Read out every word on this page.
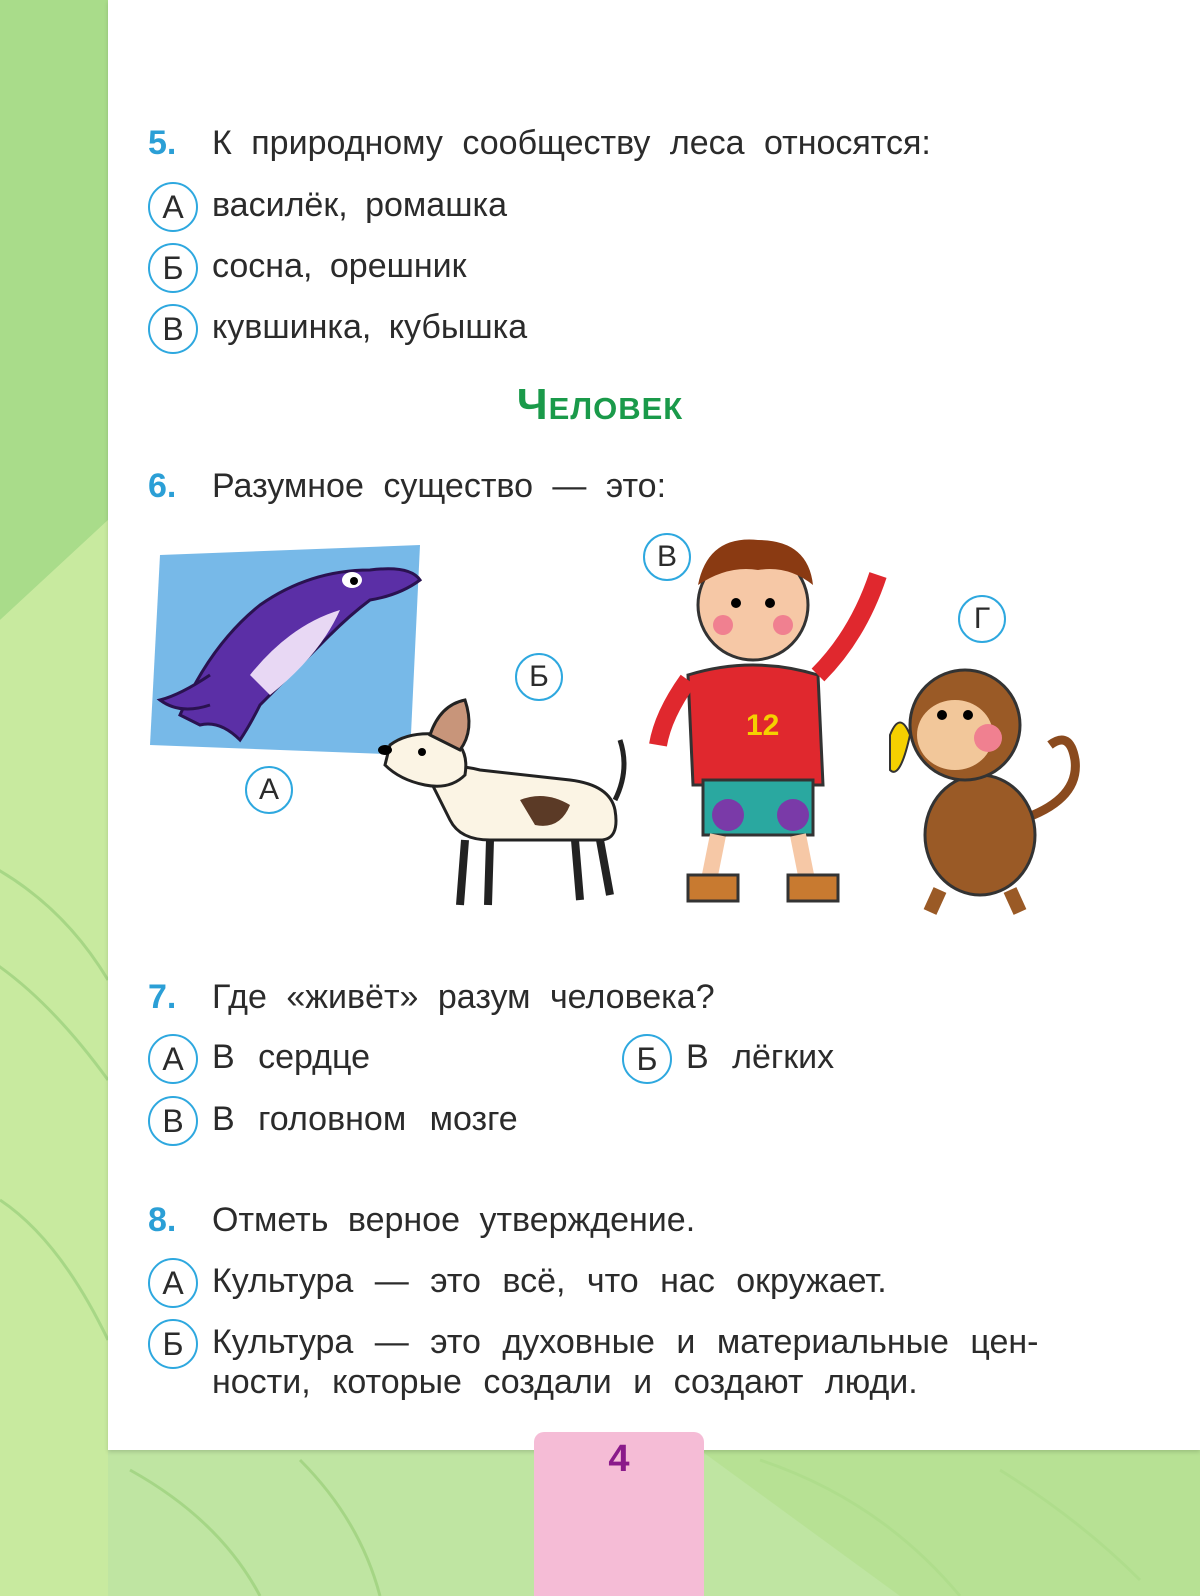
5. К природному сообществу леса относятся:
А василёк, ромашка
Б сосна, орешник
В кувшинка, кубышка
Человек
6. Разумное существо — это:
12
А
Б
В
Г
7. Где «живёт» разум человека?
А В сердце	Б В лёгких
В В головном мозге
8. Отметь верное утверждение.
А Культура — это всё, что нас окружает.
Б Культура — это духовные и материальные цен-
ности, которые создали и создают люди.
4
